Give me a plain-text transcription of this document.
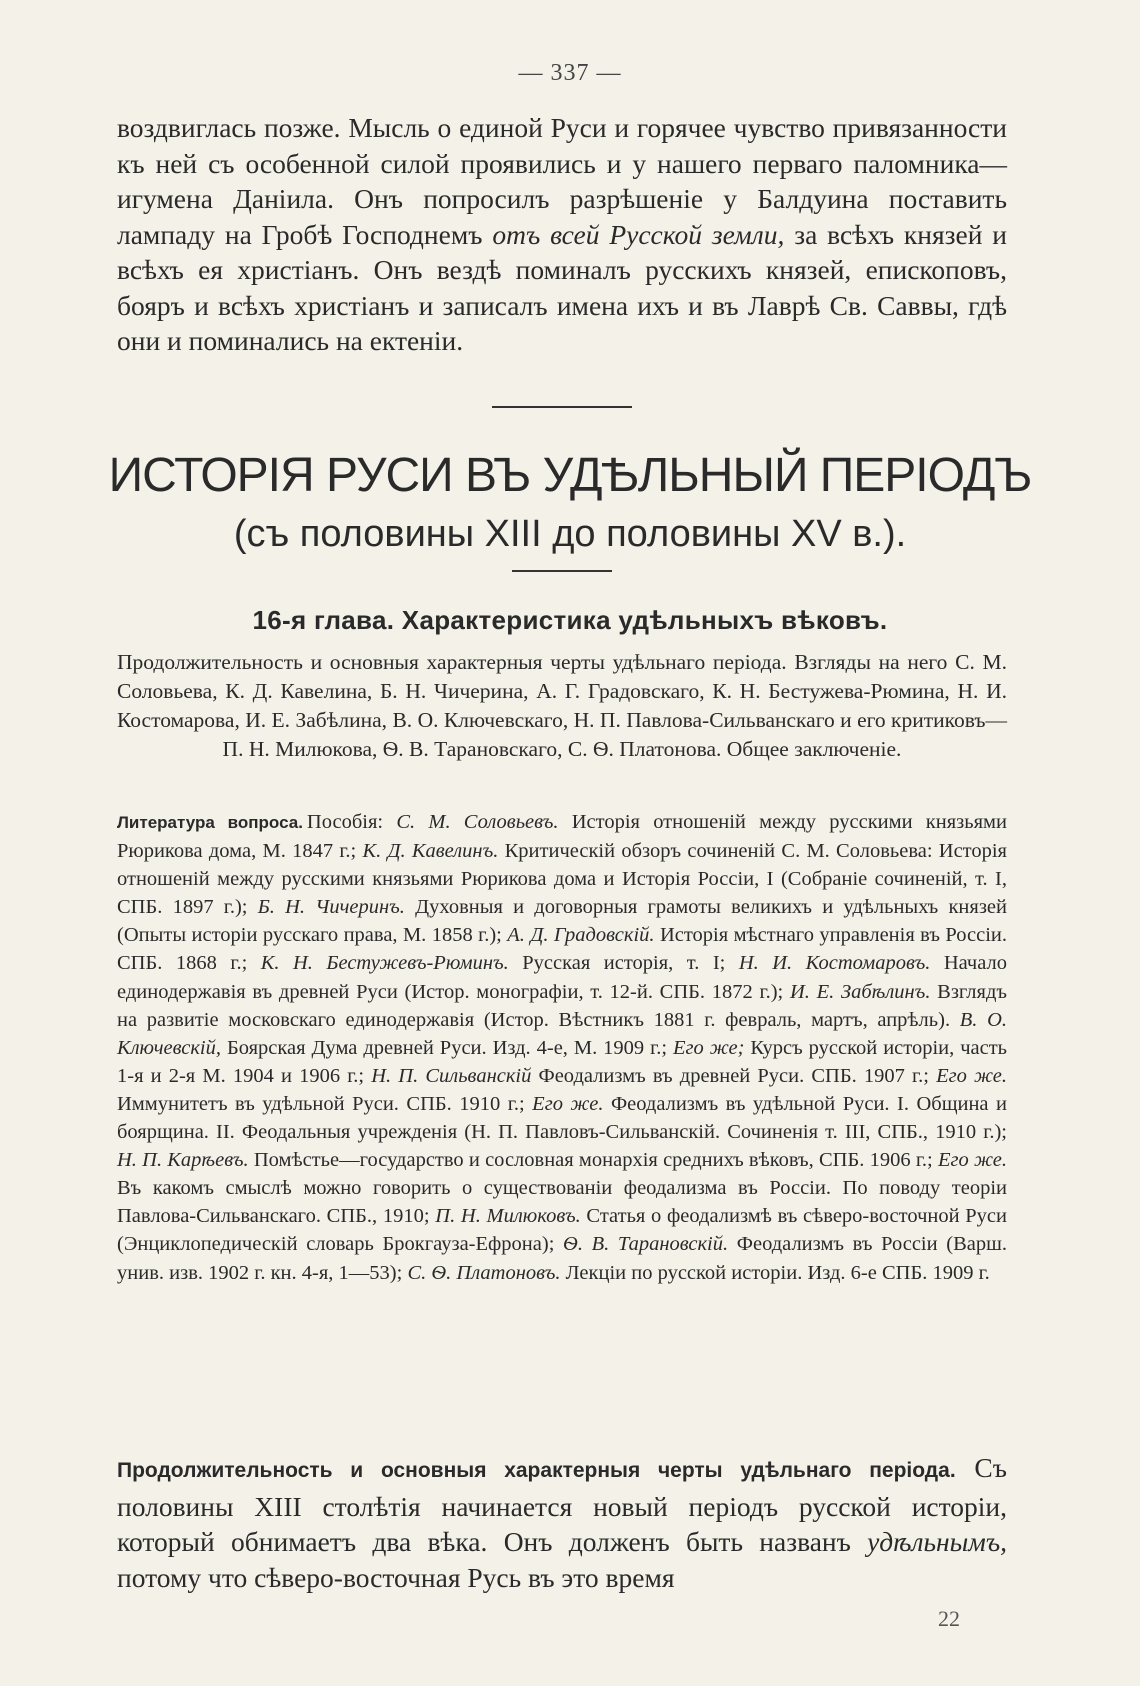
— 337 —

воздвиглась позже. Мысль о единой Руси и горячее чувство привязанности къ ней съ особенной силой проявились и у нашего перваго паломника—игумена Даніила. Онъ попросилъ разрѣшеніе у Балдуина поставить лампаду на Гробѣ Господнемъ отъ всей Русской земли, за всѣхъ князей и всѣхъ ея христіанъ. Онъ вездѣ поминалъ русскихъ князей, епископовъ, бояръ и всѣхъ христіанъ и записалъ имена ихъ и въ Лаврѣ Св. Саввы, гдѣ они и поминались на ектеніи.

ИСТОРІЯ РУСИ ВЪ УДѢЛЬНЫЙ ПЕРІОДЪ
(съ половины XIII до половины XV в.).
16-я глава. Характеристика удѣльныхъ вѣковъ.

Продолжительность и основныя характерныя черты удѣльнаго періода. Взгляды на него С. М. Соловьева, К. Д. Кавелина, Б. Н. Чичерина, А. Г. Градовскаго, К. Н. Бестужева-Рюмина, Н. И. Костомарова, И. Е. Забѣлина, В. О. Ключевскаго, Н. П. Павлова-Сильванскаго и его критиковъ—П. Н. Милюкова, Ѳ. В. Тарановскаго, С. Ѳ. Платонова. Общее заключеніе.

Литература вопроса. Пособія: С. М. Соловьевъ. Исторія отношеній между русскими князьями Рюрикова дома, М. 1847 г.; К. Д. Кавелинъ. Критическій обзоръ сочиненій С. М. Соловьева: Исторія отношеній между русскими князьями Рюрикова дома и Исторія Россіи, I (Собраніе сочиненій, т. I, СПБ. 1897 г.); Б. Н. Чичеринъ. Духовныя и договорныя грамоты великихъ и удѣльныхъ князей (Опыты исторіи русскаго права, М. 1858 г.); А. Д. Градовскій. Исторія мѣстнаго управленія въ Россіи. СПБ. 1868 г.; К. Н. Бестужевъ-Рюминъ. Русская исторія, т. I; Н. И. Костомаровъ. Начало единодержавія въ древней Руси (Истор. монографіи, т. 12-й. СПБ. 1872 г.); И. Е. Забѣлинъ. Взглядъ на развитіе московскаго единодержавія (Истор. Вѣстникъ 1881 г. февраль, мартъ, апрѣль). В. О. Ключевскій, Боярская Дума древней Руси. Изд. 4-е, М. 1909 г.; Его же; Курсъ русской исторіи, часть 1-я и 2-я М. 1904 и 1906 г.; Н. П. Сильванскій Феодализмъ въ древней Руси. СПБ. 1907 г.; Его же. Иммунитетъ въ удѣльной Руси. СПБ. 1910 г.; Его же. Феодализмъ въ удѣльной Руси. I. Община и боярщина. II. Феодальныя учрежденія (Н. П. Павловъ-Сильванскій. Сочиненія т. III, СПБ., 1910 г.); Н. П. Карѣевъ. Помѣстье—государство и сословная монархія среднихъ вѣковъ, СПБ. 1906 г.; Его же. Въ какомъ смыслѣ можно говорить о существованіи феодализма въ Россіи. По поводу теоріи Павлова-Сильванскаго. СПБ., 1910; П. Н. Милюковъ. Статья о феодализмѣ въ сѣверо-восточной Руси (Энциклопедическій словарь Брокгауза-Ефрона); Ѳ. В. Тарановскій. Феодализмъ въ Россіи (Варш. унив. изв. 1902 г. кн. 4-я, 1—53); С. Ѳ. Платоновъ. Лекціи по русской исторіи. Изд. 6-е СПБ. 1909 г.

Продолжительность и основныя характерныя черты удѣльнаго періода. Съ половины XIII столѣтія начинается новый періодъ русской исторіи, который обнимаетъ два вѣка. Онъ долженъ быть названъ удѣльнымъ, потому что сѣверо-восточная Русь въ это время

22
